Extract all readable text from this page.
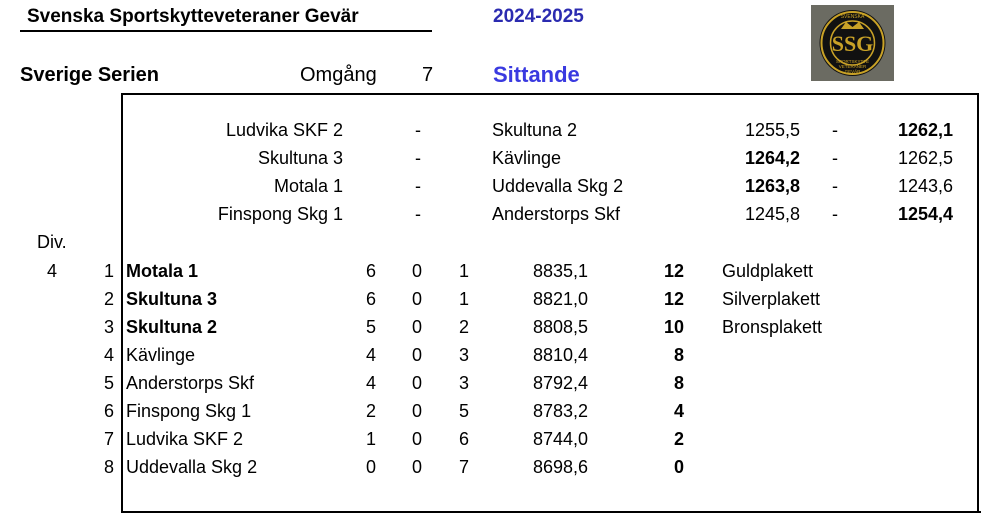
Svenska Sportskytteveteraner Gevär	2024-2025
SSG
SVENSKA
SPORTSKYTTE
VETERANER
GEVÄR
Sverige Serien	Omgång 7	Sittande
Ludvika SKF 2	-	Skultuna 2	1255,5 -	1262,1
Skultuna 3	-	Kävlinge	1264,2 -	1262,5
Motala 1	-	Uddevalla Skg 2	1263,8 -	1243,6
Finspong Skg 1	-	Anderstorps Skf	1245,8 -	1254,4
Div.
4	1 Motala 1	6 0 1	8835,1	12 Guldplakett
2 Skultuna 3	6 0 1	8821,0	12 Silverplakett
3 Skultuna 2	5 0 2	8808,5	10 Bronsplakett
4 Kävlinge	4 0 3	8810,4	8
5 Anderstorps Skf	4 0 3	8792,4	8
6 Finspong Skg 1	2 0 5	8783,2	4
7 Ludvika SKF 2	1 0 6	8744,0	2
8 Uddevalla Skg 2	0 0 7	8698,6	0
